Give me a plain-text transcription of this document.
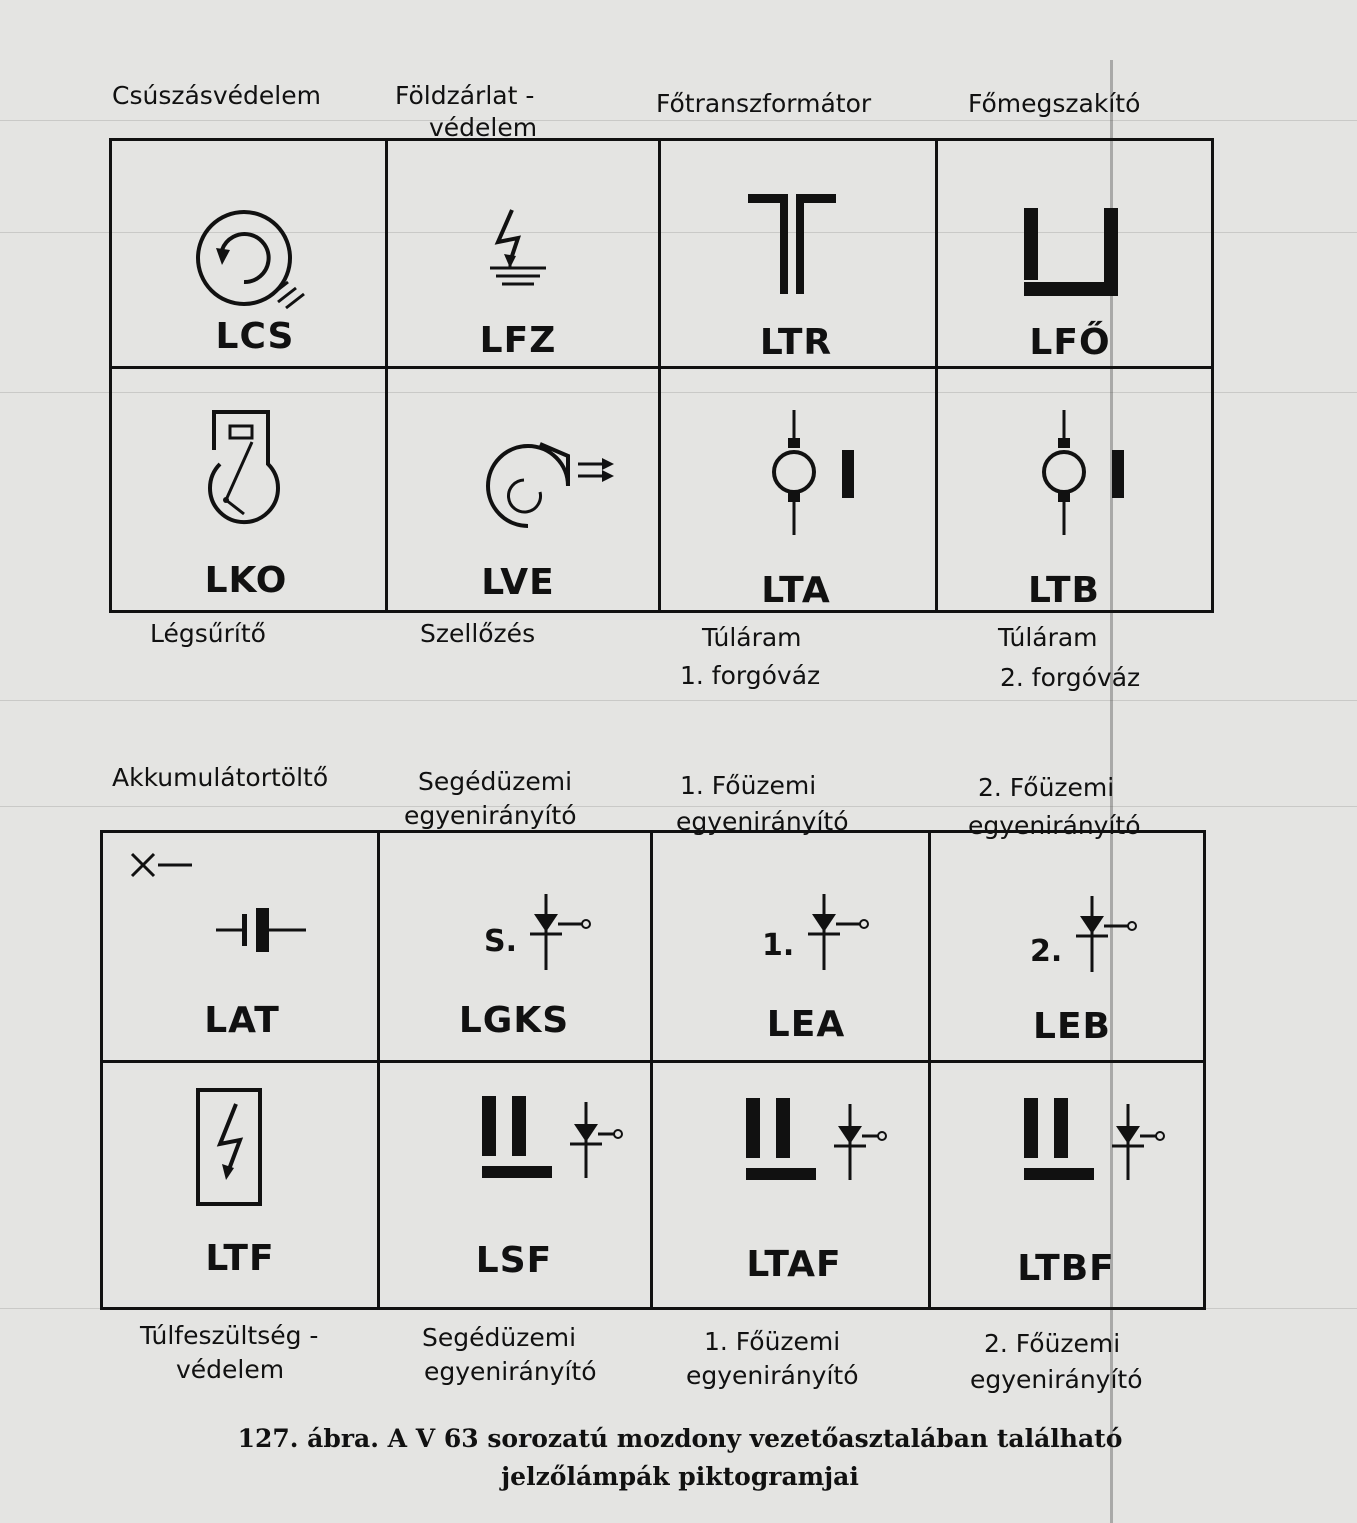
Csúszásvédelem	Földzárlat -
védelem
Főtranszformátor	Főmegszakító
LCS	LFZ	LTR	LFŐ
LKO	LVE	LTA	LTB
Légsűrítő	Szellőzés	Túláram
1. forgóváz
Túláram
2. forgóváz
Akkumulátortöltő	Segédüzemi
egyenirányító
1. Főüzemi
egyenirányító
2. Főüzemi
egyenirányító
S.	1.	2.
LAT	LGKS	LEA	LEB
LTF	LSF	LTAF	LTBF
Túlfeszültség -
védelem
Segédüzemi
egyenirányító
1. Főüzemi
egyenirányító
2. Főüzemi
egyenirányító
127. ábra. A V 63 sorozatú mozdony vezetőasztalában található
jelzőlámpák piktogramjai
